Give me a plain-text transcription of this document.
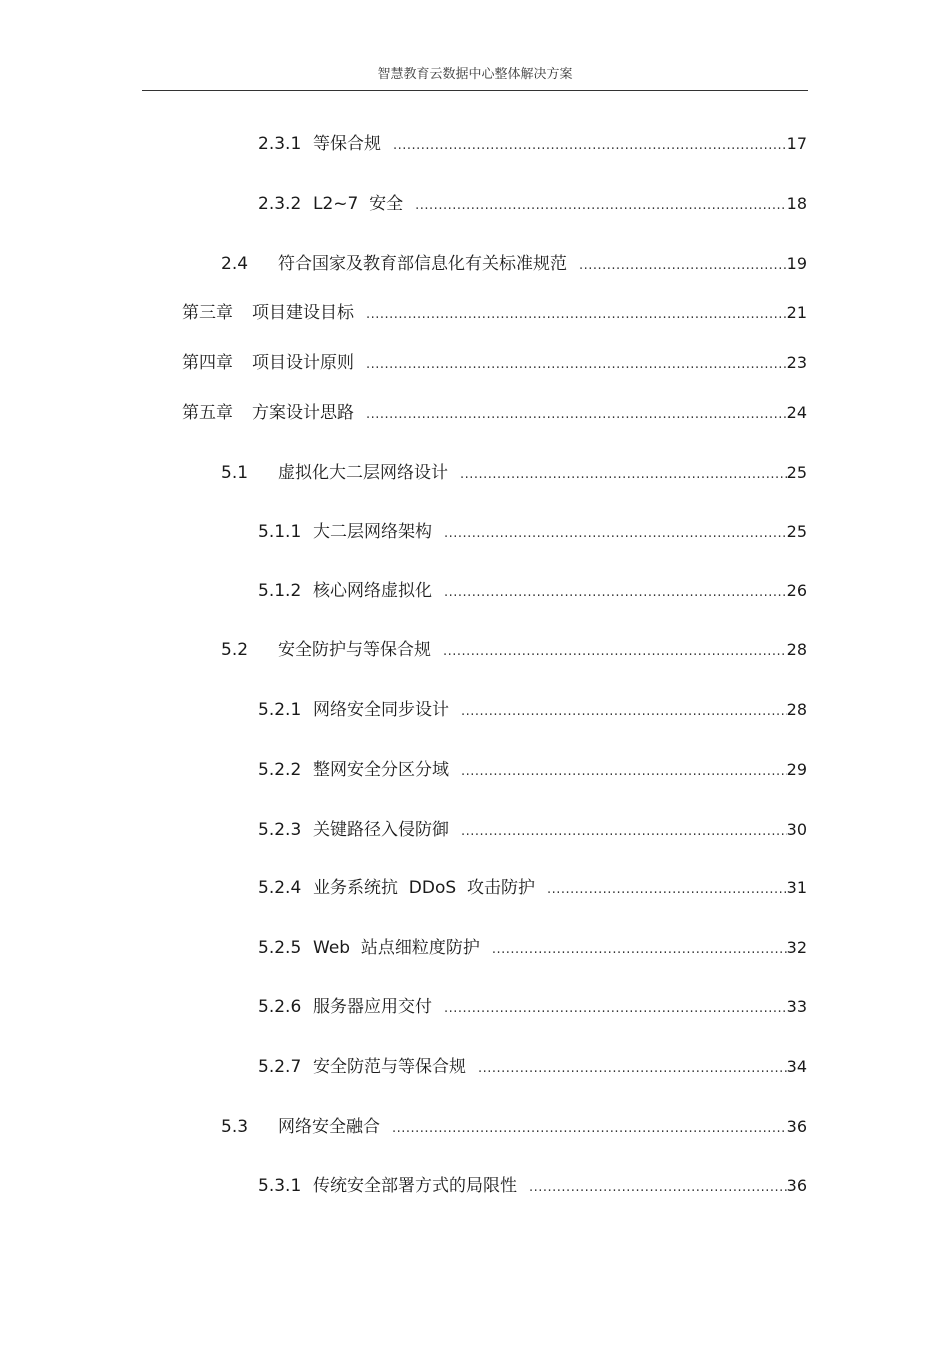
智慧教育云数据中心整体解决方案
2.3.1 等保合规 .....	17
2.3.2 L2~7  安全 .....	18
2.4	符合国家及教育部信息化有关标准规范 .....	19
第三章	项目建设目标 .....	21
第四章	项目设计原则 .....	23
第五章	方案设计思路 .....	24
5.1	虚拟化大二层网络设计 .....	25
5.1.1 大二层网络架构 .....	25
5.1.2 核心网络虚拟化 .....	26
5.2	安全防护与等保合规 .....	28
5.2.1 网络安全同步设计 .....	28
5.2.2 整网安全分区分域 .....	29
5.2.3 关键路径入侵防御 .....	30
5.2.4 业务系统抗  DDoS  攻击防护 .....	31
5.2.5 Web  站点细粒度防护 .....	32
5.2.6 服务器应用交付 .....	33
5.2.7 安全防范与等保合规 .....	34
5.3	网络安全融合 .....	36
5.3.1 传统安全部署方式的局限性 .....	36
